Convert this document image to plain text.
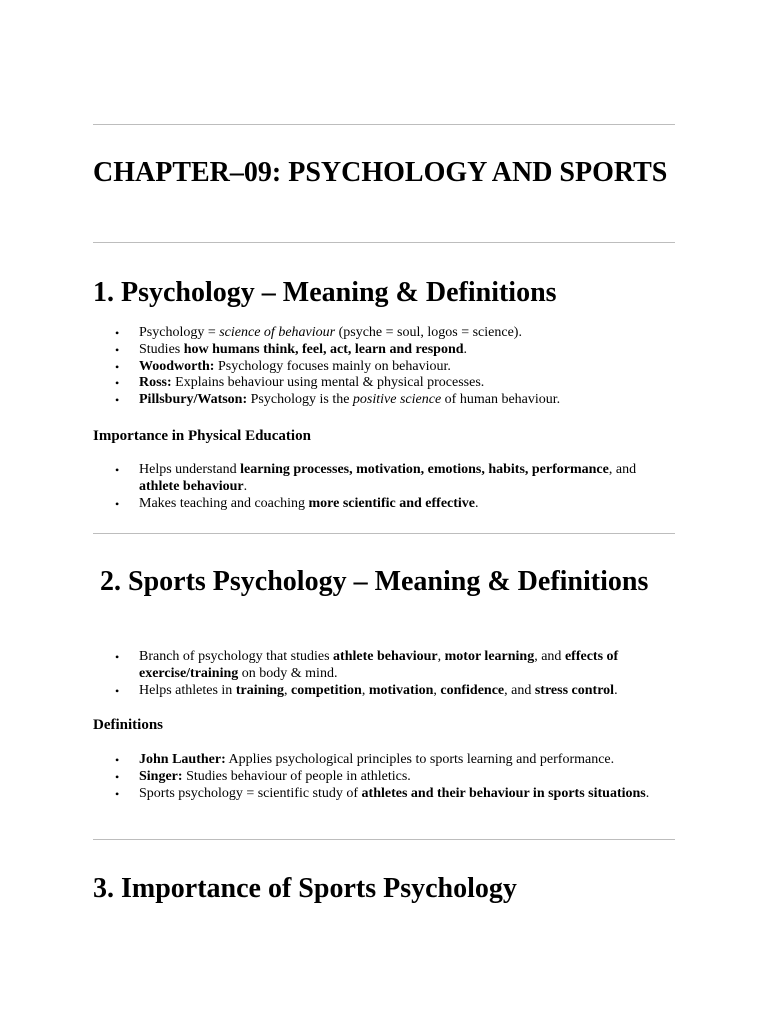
CHAPTER–09: PSYCHOLOGY AND SPORTS
1. Psychology – Meaning & Definitions
• Psychology = science of behaviour (psyche = soul, logos = science).
• Studies how humans think, feel, act, learn and respond.
• Woodworth: Psychology focuses mainly on behaviour.
• Ross: Explains behaviour using mental & physical processes.
• Pillsbury/Watson: Psychology is the positive science of human behaviour.
Importance in Physical Education
• Helps understand learning processes, motivation, emotions, habits, performance, and athlete behaviour.
• Makes teaching and coaching more scientific and effective.
2. Sports Psychology – Meaning & Definitions
• Branch of psychology that studies athlete behaviour, motor learning, and effects of exercise/training on body & mind.
• Helps athletes in training, competition, motivation, confidence, and stress control.
Definitions
• John Lauther: Applies psychological principles to sports learning and performance.
• Singer: Studies behaviour of people in athletics.
• Sports psychology = scientific study of athletes and their behaviour in sports situations.
3. Importance of Sports Psychology
